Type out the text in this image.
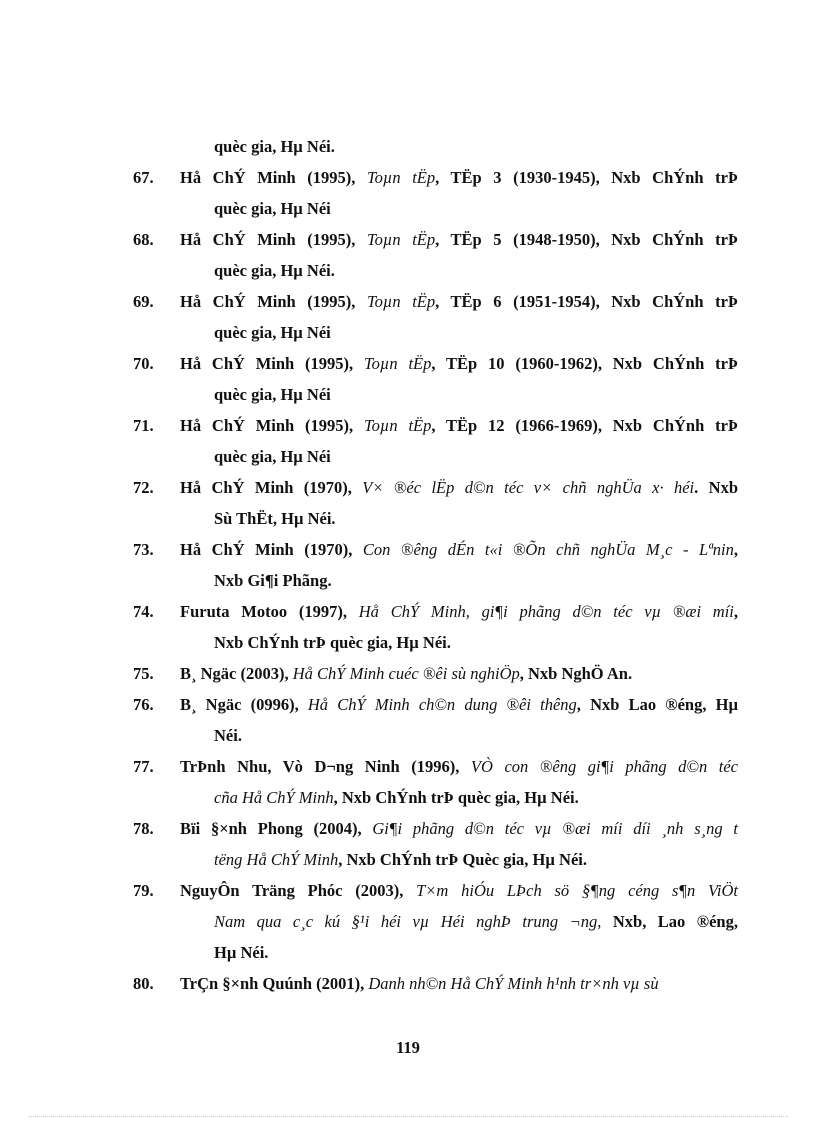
quèc gia, Hµ Néi.
67. Hå ChÝ Minh (1995), Toµn tËp, TËp 3 (1930-1945), Nxb ChÝnh trÞ
quèc gia, Hµ Néi
68. Hå ChÝ Minh (1995), Toµn tËp, TËp 5 (1948-1950), Nxb ChÝnh trÞ
quèc gia, Hµ Néi.
69. Hå ChÝ Minh (1995), Toµn tËp, TËp 6 (1951-1954), Nxb ChÝnh trÞ
quèc gia, Hµ Néi
70. Hå ChÝ Minh (1995), Toµn tËp, TËp 10 (1960-1962), Nxb ChÝnh trÞ
quèc gia, Hµ Néi
71. Hå ChÝ Minh (1995), Toµn tËp, TËp 12 (1966-1969), Nxb ChÝnh trÞ
quèc gia, Hµ Néi
72. Hå ChÝ Minh (1970), V× ®éc lËp d©n téc v× chñ nghÜa x· héi. Nxb
Sù ThËt, Hµ Néi.
73. Hå ChÝ Minh (1970), Con ®êng dÉn t«i ®Õn chñ nghÜa M¸c - Lªnin,
Nxb Gi¶i Phãng.
74. Furuta Motoo (1997), Hå ChÝ Minh, gi¶i phãng d©n téc vµ ®æi míi,
Nxb ChÝnh trÞ quèc gia, Hµ Néi.
75. B¸ Ngäc (2003), Hå ChÝ Minh cuéc ®êi sù nghiÖp, Nxb NghÖ An.
76. B¸ Ngäc (0996), Hå ChÝ Minh ch©n dung ®êi thêng, Nxb Lao ®éng, Hµ
Néi.
77. TrÞnh Nhu, Vò D¬ng Ninh (1996), VÒ con ®êng gi¶i phãng d©n téc
cña Hå ChÝ Minh, Nxb ChÝnh trÞ quèc gia, Hµ Néi.
78. Bïi §×nh Phong (2004), Gi¶i phãng d©n téc vµ ®æi míi díi ¸nh s¸ng t
tëng Hå ChÝ Minh, Nxb ChÝnh trÞ Quèc gia, Hµ Néi.
79. NguyÔn Träng Phóc (2003), T×m hiÓu LÞch sö §¶ng céng s¶n ViÖt
Nam qua c¸c kú §¹i héi vµ Héi nghÞ trung ¬ng, Nxb, Lao ®éng,
Hµ Néi.
80. TrÇn §×nh Quúnh (2001), Danh nh©n Hå ChÝ Minh h¹nh tr×nh vµ sù
119
